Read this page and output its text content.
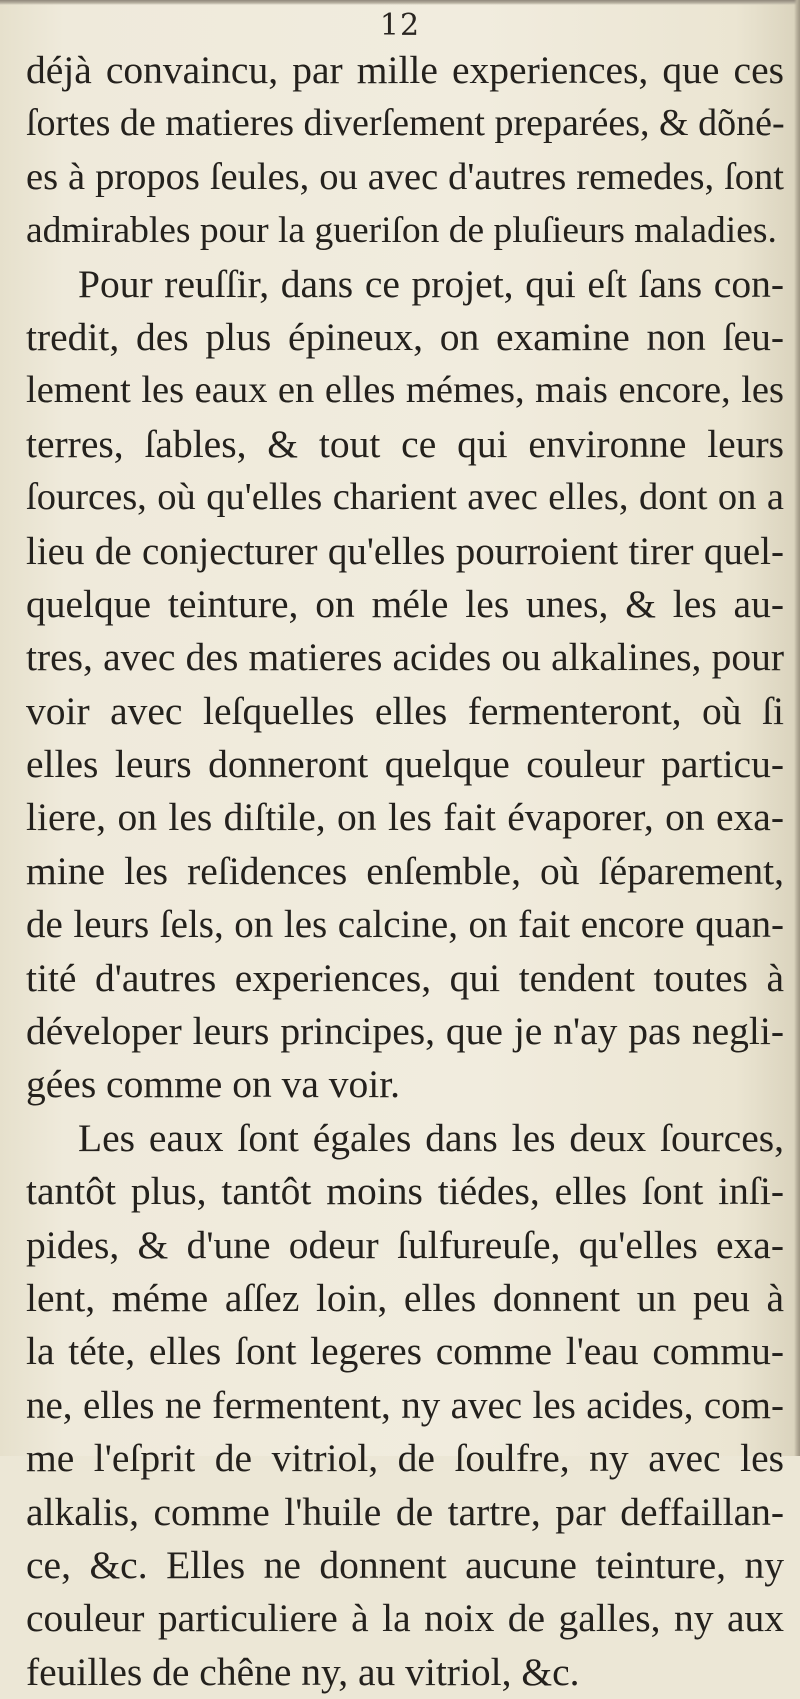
12
déjà convaincu, par mille experiences, que ces
ſortes de matieres diverſement preparées, & dõné-
es à propos ſeules, ou avec d'autres remedes, ſont
admirables pour la gueriſon de pluſieurs maladies.
Pour reuſſir, dans ce projet, qui eſt ſans con-
tredit, des plus épineux, on examine non ſeu-
lement les eaux en elles mémes, mais encore, les
terres, ſables, & tout ce qui environne leurs
ſources, où qu'elles charient avec elles, dont on a
lieu de conjecturer qu'elles pourroient tirer quel-
quelque teinture, on méle les unes, & les au-
tres, avec des matieres acides ou alkalines, pour
voir avec leſquelles elles fermenteront, où ſi
elles leurs donneront quelque couleur particu-
liere, on les diſtile, on les fait évaporer, on exa-
mine les reſidences enſemble, où ſéparement,
de leurs ſels, on les calcine, on fait encore quan-
tité d'autres experiences, qui tendent toutes à
déveloper leurs principes, que je n'ay pas negli-
gées comme on va voir.
Les eaux ſont égales dans les deux ſources,
tantôt plus, tantôt moins tiédes, elles ſont inſi-
pides, & d'une odeur ſulfureuſe, qu'elles exa-
lent, méme aſſez loin, elles donnent un peu à
la téte, elles ſont legeres comme l'eau commu-
ne, elles ne fermentent, ny avec les acides, com-
me l'eſprit de vitriol, de ſoulfre, ny avec les
alkalis, comme l'huile de tartre, par deffaillan-
ce, &c. Elles ne donnent aucune teinture, ny
couleur particuliere à la noix de galles, ny aux
feuilles de chêne ny, au vitriol, &c.
